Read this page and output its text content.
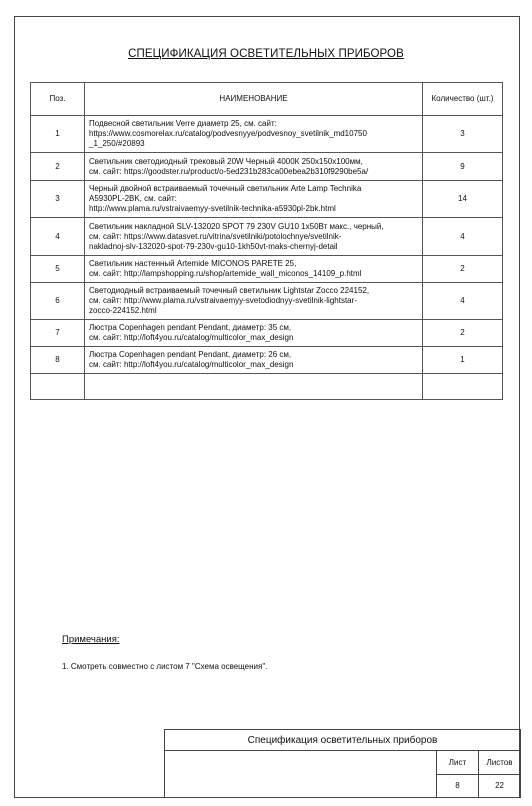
СПЕЦИФИКАЦИЯ ОСВЕТИТЕЛЬНЫХ ПРИБОРОВ
Поз.	НАИМЕНОВАНИЕ	Количество (шт.)
1	Подвесной светильник Verre диаметр 25, см. сайт:
https://www.cosmorelax.ru/catalog/podvesnyye/podvesnoy_svetilnik_md10750
_1_250/#20893	3
2	Светильник светодиодный трековый 20W Черный 4000К 250х150х100мм,
см. сайт: https://goodster.ru/product/o-5ed231b283ca00ebea2b310f9290be5a/	9
3	Черный двойной встраиваемый точечный светильник Arte Lamp Technika
A5930PL-2BK, см. сайт:
http://www.plama.ru/vstraivaemyy-svetilnik-technika-a5930pl-2bk.html	14
4	Светильник накладной SLV-132020 SPOT 79 230V GU10 1x50Вт макс., черный,
см. сайт: https://www.datasvet.ru/vitrina/svetilniki/potolochnye/svetilnik-
nakladnoj-slv-132020-spot-79-230v-gu10-1kh50vt-maks-chernyj-detail	4
5	Светильник настенный Artemide MICONOS PARETE 25,
см. сайт: http://lampshopping.ru/shop/artemide_wall_miconos_14109_p.html	2
6	Светодиодный встраиваемый точечный светильник Lightstar Zocco 224152,
см. сайт: http://www.plama.ru/vstraivaemyy-svetodiodnyy-svetilnik-lightstar-
zocco-224152.html	4
7	Люстра Copenhagen pendant Pendant, диаметр: 35 см,
см. сайт: http://loft4you.ru/catalog/multicolor_max_design	2
8	Люстра Copenhagen pendant Pendant, диаметр: 26 см,
см. сайт: http://loft4you.ru/catalog/multicolor_max_design	1

Примечания:
1. Смотреть совместно с листом 7 "Схема освещения".
Спецификация осветительных приборов		
	Лист	Листов
	8	22
